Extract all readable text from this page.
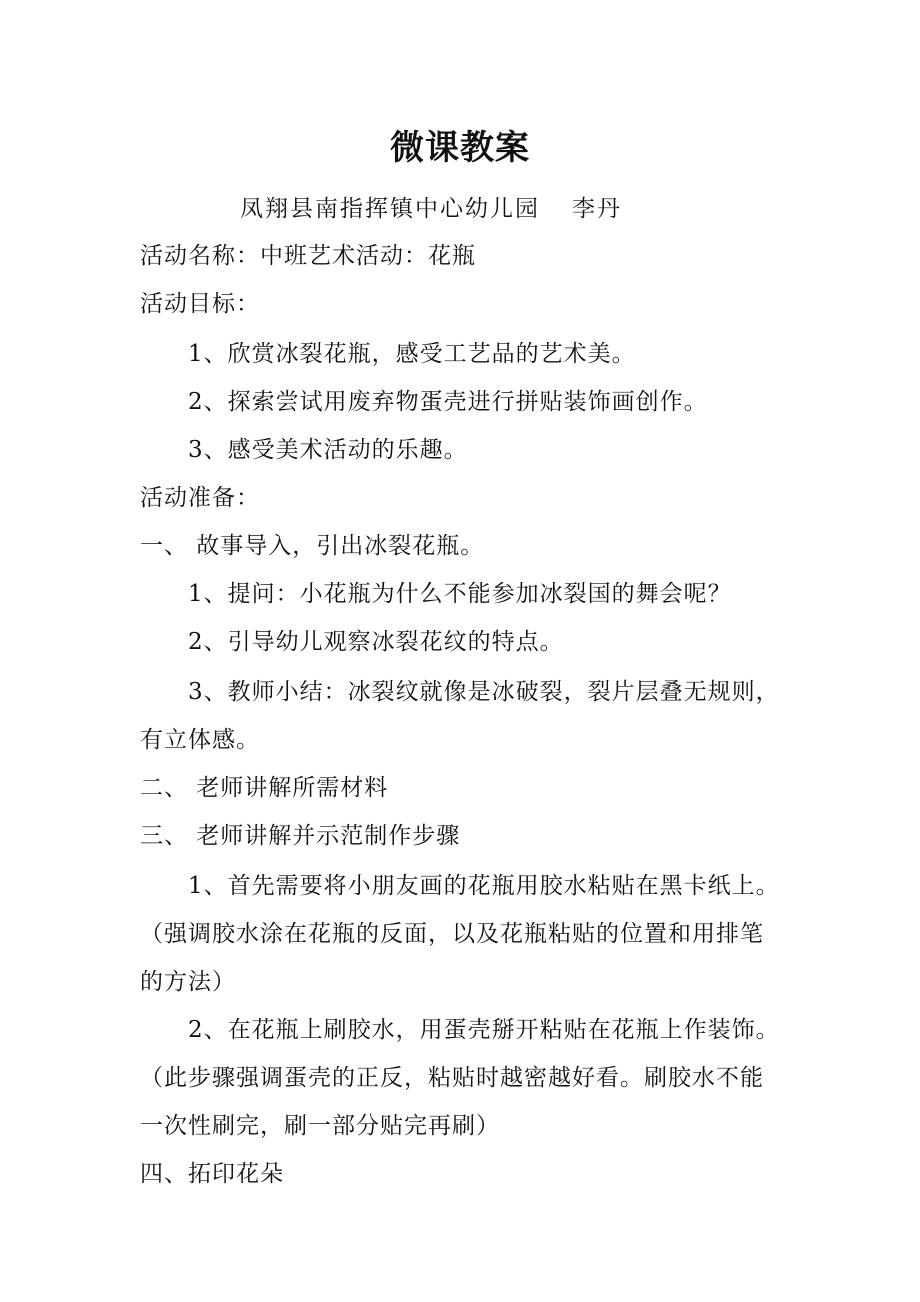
微课教案
凤翔县南指挥镇中心幼儿园 李丹
活动名称：中班艺术活动：花瓶
活动目标：
1、欣赏冰裂花瓶，感受工艺品的艺术美。
2、探索尝试用废弃物蛋壳进行拼贴装饰画创作。
3、感受美术活动的乐趣。
活动准备：
一、 故事导入，引出冰裂花瓶。
1、提问：小花瓶为什么不能参加冰裂国的舞会呢？
2、引导幼儿观察冰裂花纹的特点。
3、教师小结：冰裂纹就像是冰破裂，裂片层叠无规则，
有立体感。
二、 老师讲解所需材料
三、 老师讲解并示范制作步骤
1、首先需要将小朋友画的花瓶用胶水粘贴在黑卡纸上。
（强调胶水涂在花瓶的反面，以及花瓶粘贴的位置和用排笔
的方法）
2、在花瓶上刷胶水，用蛋壳掰开粘贴在花瓶上作装饰。
（此步骤强调蛋壳的正反，粘贴时越密越好看。刷胶水不能
一次性刷完，刷一部分贴完再刷）
四、拓印花朵
